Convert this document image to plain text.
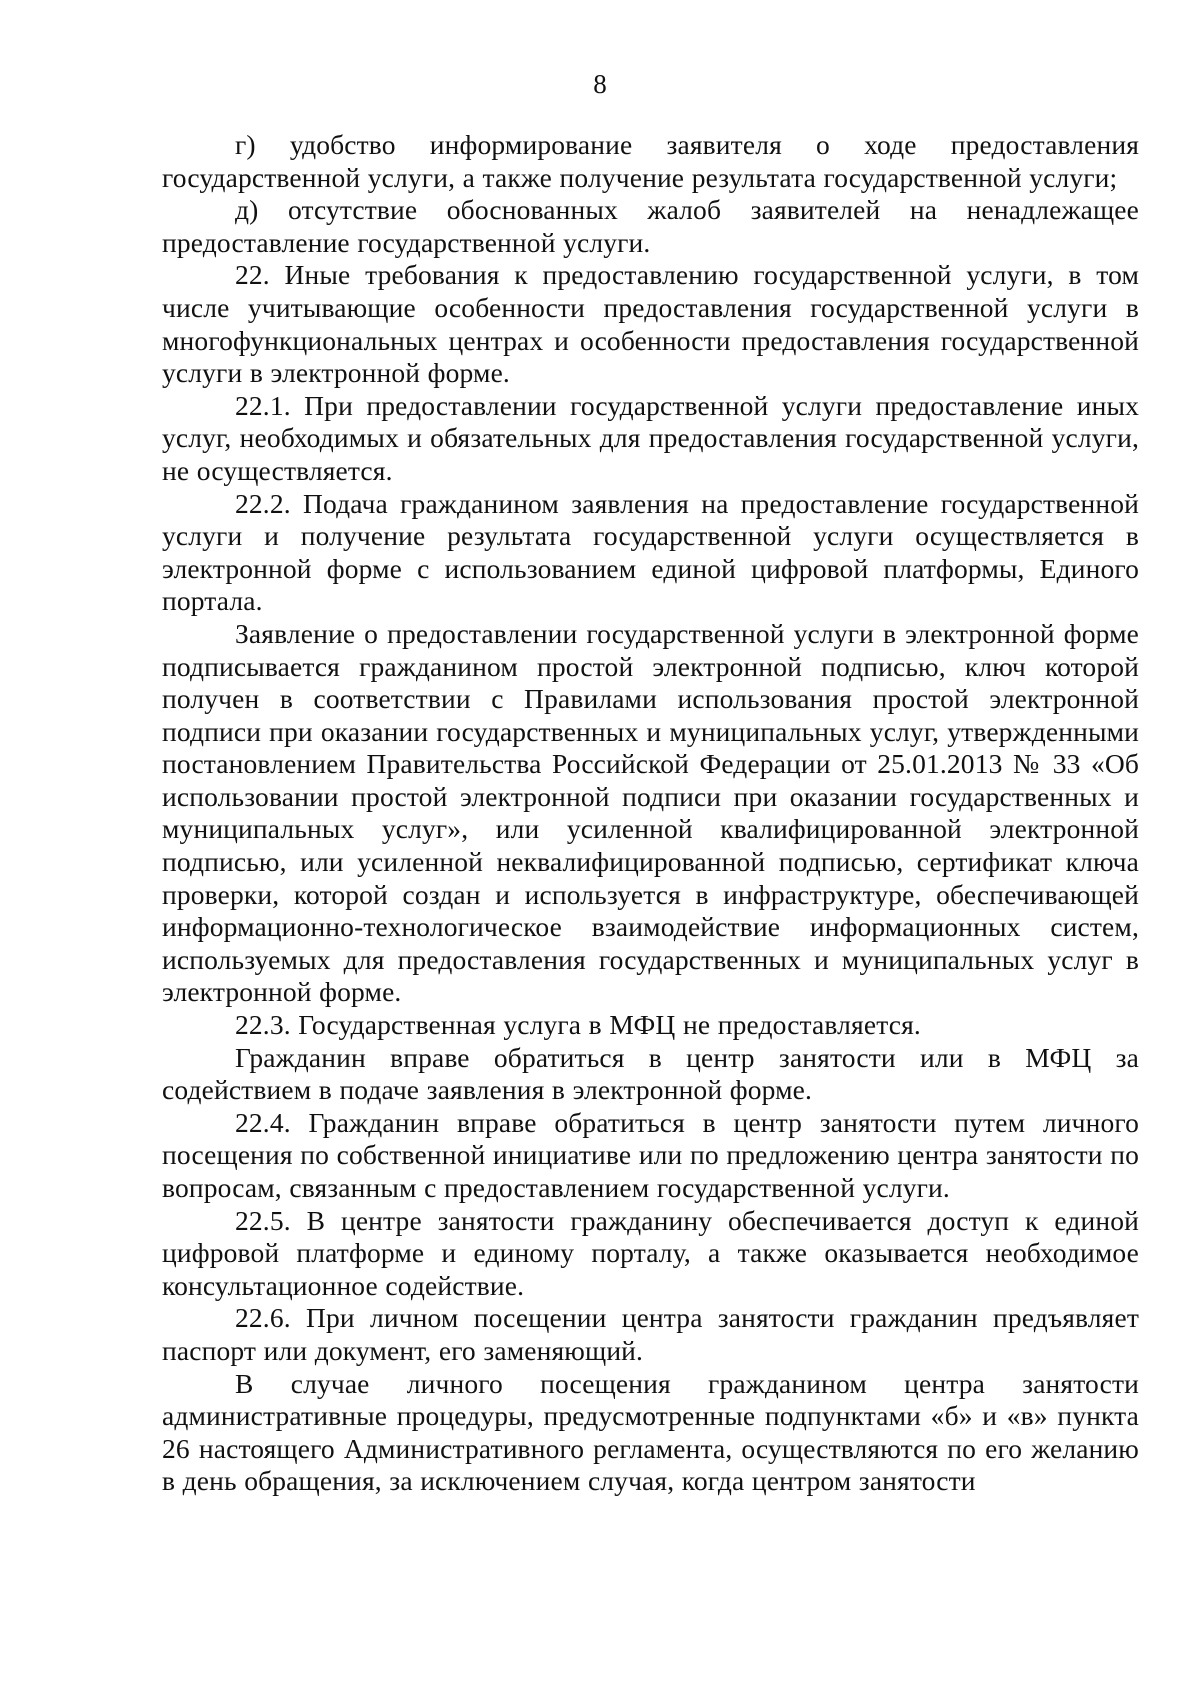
8

г) удобство информирование заявителя о ходе предоставления государственной услуги, а также получение результата государственной услуги;

д) отсутствие обоснованных жалоб заявителей на ненадлежащее предоставление государственной услуги.

22. Иные требования к предоставлению государственной услуги, в том числе учитывающие особенности предоставления государственной услуги в многофункциональных центрах и особенности предоставления государственной услуги в электронной форме.

22.1. При предоставлении государственной услуги предоставление иных услуг, необходимых и обязательных для предоставления государственной услуги, не осуществляется.

22.2. Подача гражданином заявления на предоставление государственной услуги и получение результата государственной услуги осуществляется в электронной форме с использованием единой цифровой платформы, Единого портала.

Заявление о предоставлении государственной услуги в электронной форме подписывается гражданином простой электронной подписью, ключ которой получен в соответствии с Правилами использования простой электронной подписи при оказании государственных и муниципальных услуг, утвержденными постановлением Правительства Российской Федерации от 25.01.2013 № 33 «Об использовании простой электронной подписи при оказании государственных и муниципальных услуг», или усиленной квалифицированной электронной подписью, или усиленной неквалифицированной подписью, сертификат ключа проверки, которой создан и используется в инфраструктуре, обеспечивающей информационно-технологическое взаимодействие информационных систем, используемых для предоставления государственных и муниципальных услуг в электронной форме.

22.3. Государственная услуга в МФЦ не предоставляется.

Гражданин вправе обратиться в центр занятости или в МФЦ за содействием в подаче заявления в электронной форме.

22.4. Гражданин вправе обратиться в центр занятости путем личного посещения по собственной инициативе или по предложению центра занятости по вопросам, связанным с предоставлением государственной услуги.

22.5. В центре занятости гражданину обеспечивается доступ к единой цифровой платформе и единому порталу, а также оказывается необходимое консультационное содействие.

22.6. При личном посещении центра занятости гражданин предъявляет паспорт или документ, его заменяющий.

В случае личного посещения гражданином центра занятости административные процедуры, предусмотренные подпунктами «б» и «в» пункта 26 настоящего Административного регламента, осуществляются по его желанию в день обращения, за исключением случая, когда центром занятости
